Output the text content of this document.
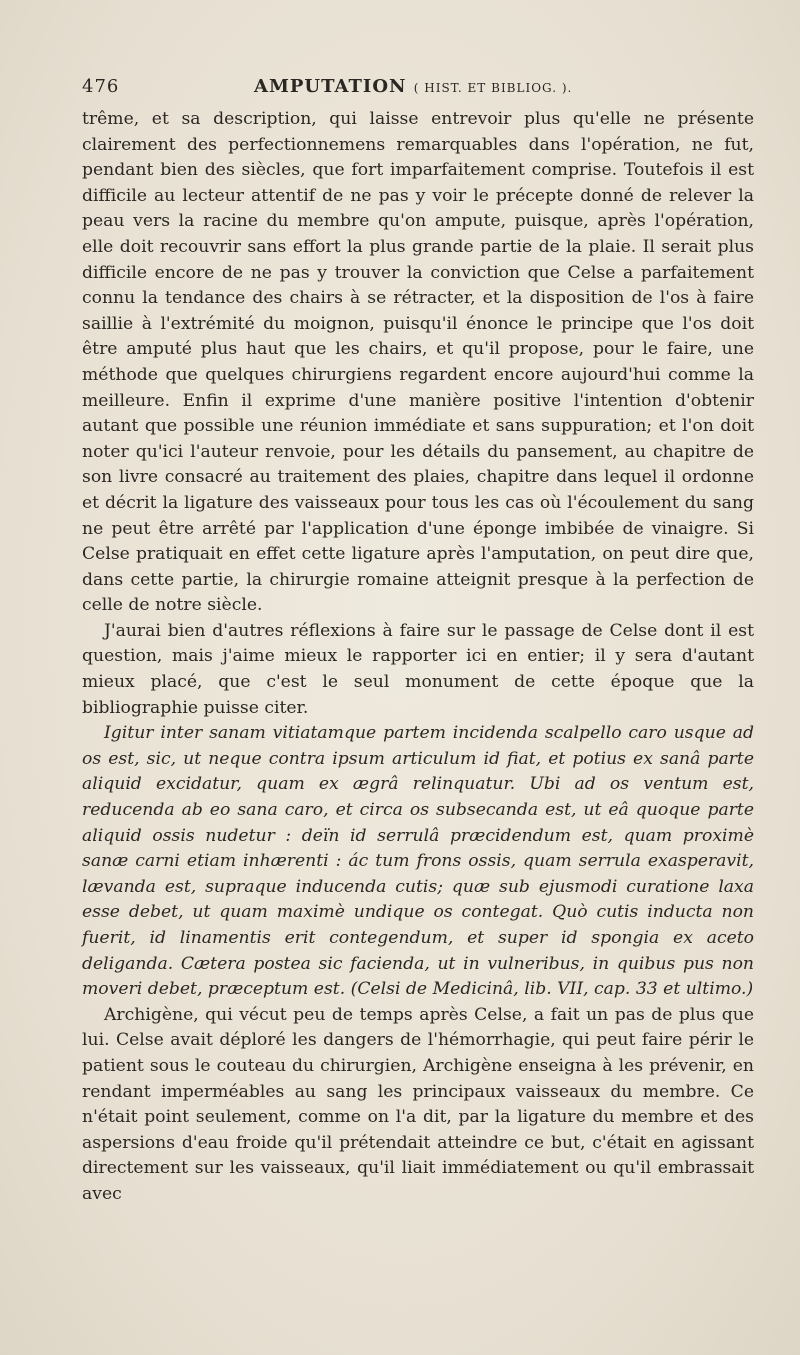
476	AMPUTATION ( HIST. ET BIBLIOG. ).

trême, et sa description, qui laisse entrevoir plus qu'elle ne présente clairement des perfectionnemens remarquables dans l'opération, ne fut, pendant bien des siècles, que fort imparfaitement comprise. Toutefois il est difficile au lecteur attentif de ne pas y voir le précepte donné de relever la peau vers la racine du membre qu'on ampute, puisque, après l'opération, elle doit recouvrir sans effort la plus grande partie de la plaie. Il serait plus difficile encore de ne pas y trouver la conviction que Celse a parfaitement connu la tendance des chairs à se rétracter, et la disposition de l'os à faire saillie à l'extrémité du moignon, puisqu'il énonce le principe que l'os doit être amputé plus haut que les chairs, et qu'il propose, pour le faire, une méthode que quelques chirurgiens regardent encore aujourd'hui comme la meilleure. Enfin il exprime d'une manière positive l'intention d'obtenir autant que possible une réunion immédiate et sans suppuration; et l'on doit noter qu'ici l'auteur renvoie, pour les détails du pansement, au chapitre de son livre consacré au traitement des plaies, chapitre dans lequel il ordonne et décrit la ligature des vaisseaux pour tous les cas où l'écoulement du sang ne peut être arrêté par l'application d'une éponge imbibée de vinaigre. Si Celse pratiquait en effet cette ligature après l'amputation, on peut dire que, dans cette partie, la chirurgie romaine atteignit presque à la perfection de celle de notre siècle.

J'aurai bien d'autres réflexions à faire sur le passage de Celse dont il est question, mais j'aime mieux le rapporter ici en entier; il y sera d'autant mieux placé, que c'est le seul monument de cette époque que la bibliographie puisse citer.

Igitur inter sanam vitiatamque partem incidenda scalpello caro usque ad os est, sic, ut neque contra ipsum articulum id fiat, et potius ex sanâ parte aliquid excidatur, quam ex ægrâ relinquatur. Ubi ad os ventum est, reducenda ab eo sana caro, et circa os subsecanda est, ut eâ quoque parte aliquid ossis nudetur : deïn id serrulâ præcidendum est, quam proximè sanæ carni etiam inhærenti : ác tum frons ossis, quam serrula exasperavit, lævanda est, supraque inducenda cutis; quæ sub ejusmodi curatione laxa esse debet, ut quam maximè undique os contegat. Quò cutis inducta non fuerit, id linamentis erit contegendum, et super id spongia ex aceto deliganda. Cætera postea sic facienda, ut in vulneribus, in quibus pus non moveri debet, præceptum est. (Celsi de Medicinâ, lib. VII, cap. 33 et ultimo.)

Archigène, qui vécut peu de temps après Celse, a fait un pas de plus que lui. Celse avait déploré les dangers de l'hémorrhagie, qui peut faire périr le patient sous le couteau du chirurgien, Archigène enseigna à les prévenir, en rendant imperméables au sang les principaux vaisseaux du membre. Ce n'était point seulement, comme on l'a dit, par la ligature du membre et des aspersions d'eau froide qu'il prétendait atteindre ce but, c'était en agissant directement sur les vaisseaux, qu'il liait immédiatement ou qu'il embrassait avec
